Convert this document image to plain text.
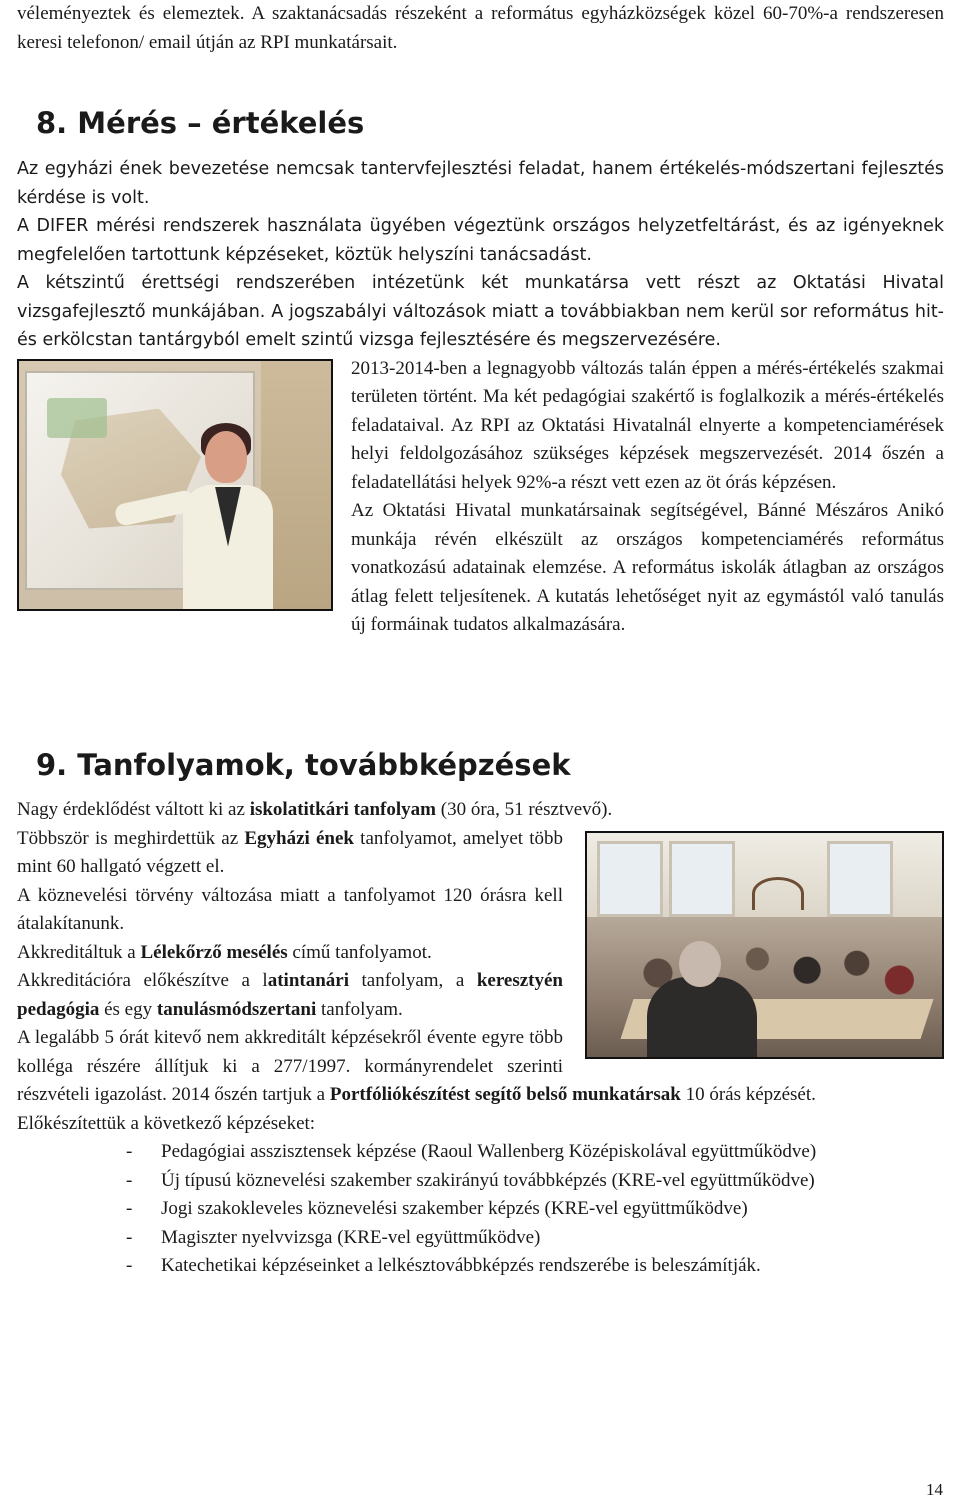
véleményeztek és elemeztek. A szaktanácsadás részeként a református egyházközségek közel 60-70%-a rendszeresen keresi telefonon/ email útján az RPI munkatársait.

8. Mérés – értékelés

Az egyházi ének bevezetése nemcsak tantervfejlesztési feladat, hanem értékelés-módszertani fejlesztés kérdése is volt.

A DIFER mérési rendszerek használata ügyében végeztünk országos helyzetfeltárást, és az igényeknek megfelelően tartottunk képzéseket, köztük helyszíni tanácsadást.

A kétszintű érettségi rendszerében intézetünk két munkatársa vett részt az Oktatási Hivatal vizsgafejlesztő munkájában. A jogszabályi változások miatt a továbbiakban nem kerül sor református hit- és erkölcstan tantárgyból emelt szintű vizsga fejlesztésére és megszervezésére.

2013-2014-ben a legnagyobb változás talán éppen a mérés-értékelés szakmai területen történt. Ma két pedagógiai szakértő is foglalkozik a mérés-értékelés feladataival. Az RPI az Oktatási Hivatalnál elnyerte a kompetenciamérések helyi feldolgozásához szükséges képzések megszervezését. 2014 őszén a feladatellátási helyek 92%-a részt vett ezen az öt órás képzésen.

Az Oktatási Hivatal munkatársainak segítségével, Bánné Mészáros Anikó munkája révén elkészült az országos kompetenciamérés református vonatkozású adatainak elemzése. A református iskolák átlagban az országos átlag felett teljesítenek. A kutatás lehetőséget nyit az egymástól való tanulás új formáinak tudatos alkalmazására.

9. Tanfolyamok, továbbképzések

Nagy érdeklődést váltott ki az iskolatitkári tanfolyam (30 óra, 51 résztvevő).

Többször is meghirdettük az Egyházi ének tanfolyamot, amelyet több mint 60 hallgató végzett el.

A köznevelési törvény változása miatt a tanfolyamot 120 órásra kell átalakítanunk.

Akkreditáltuk a Lélekőrző mesélés című tanfolyamot.

Akkreditációra előkészítve a latintanári tanfolyam, a keresztyén pedagógia és egy tanulásmódszertani tanfolyam.

A legalább 5 órát kitevő nem akkreditált képzésekről évente egyre több kolléga részére állítjuk ki a 277/1997. kormányrendelet szerinti részvételi igazolást. 2014 őszén tartjuk a Portfóliókészítést segítő belső munkatársak 10 órás képzését.

Előkészítettük a következő képzéseket:

- Pedagógiai asszisztensek képzése (Raoul Wallenberg Középiskolával együttműködve)
- Új típusú köznevelési szakember szakirányú továbbképzés (KRE-vel együttműködve)
- Jogi szakokleveles köznevelési szakember képzés (KRE-vel együttműködve)
- Magiszter nyelvvizsga (KRE-vel együttműködve)
- Katechetikai képzéseinket a lelkésztovábbképzés rendszerébe is beleszámítják.
14
